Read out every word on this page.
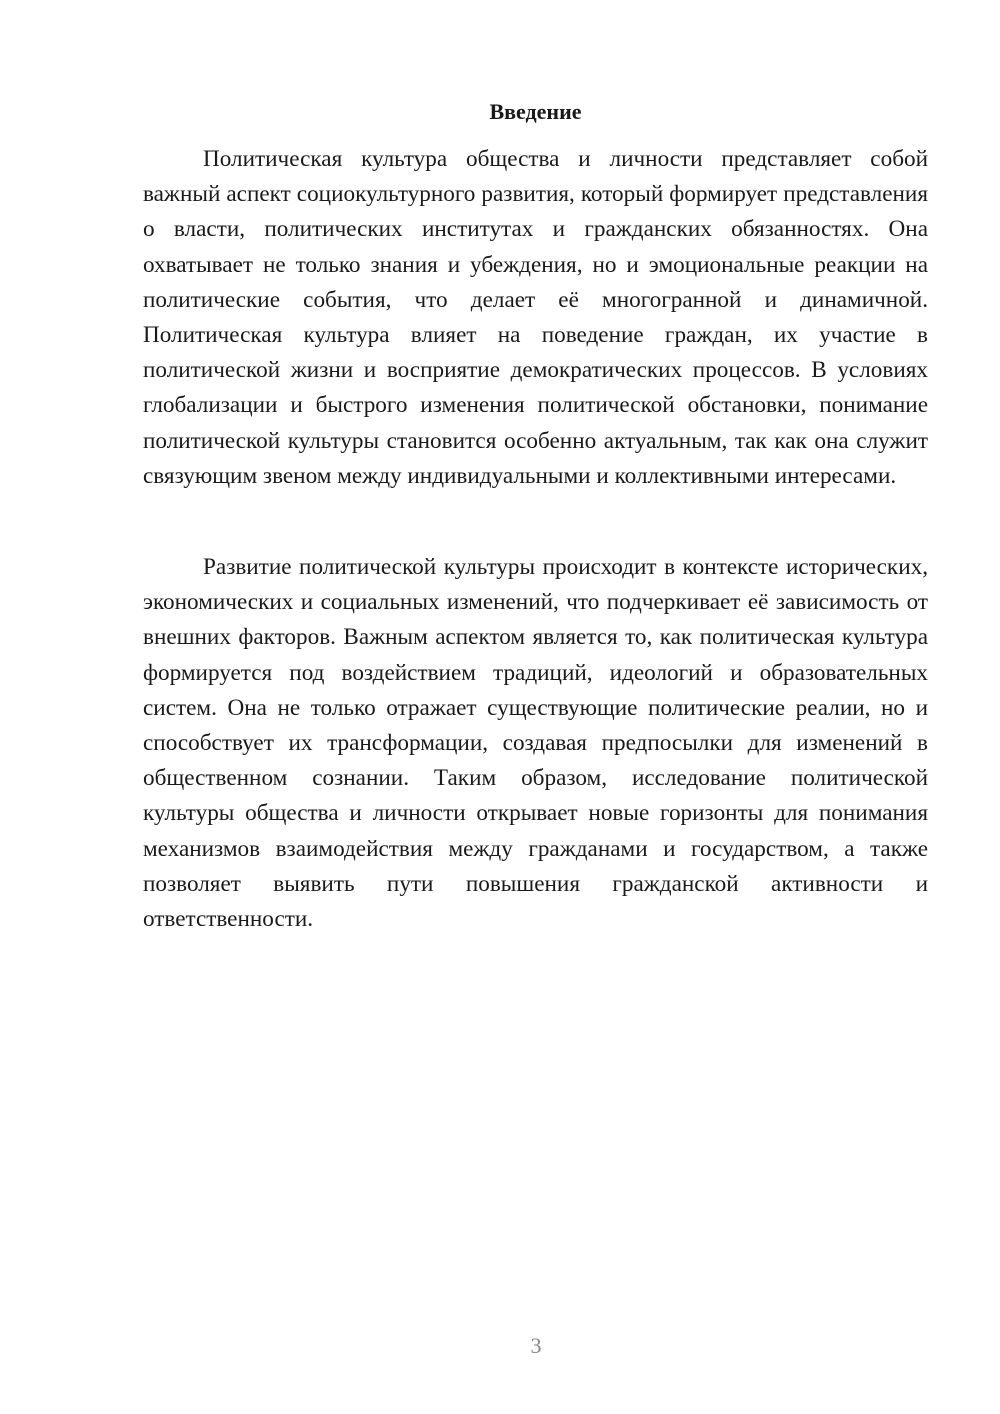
Введение

Политическая культура общества и личности представляет собой важный аспект социокультурного развития, который формирует представления о власти, политических институтах и гражданских обязанностях. Она охватывает не только знания и убеждения, но и эмоциональные реакции на политические события, что делает её многогранной и динамичной. Политическая культура влияет на поведение граждан, их участие в политической жизни и восприятие демократических процессов. В условиях глобализации и быстрого изменения политической обстановки, понимание политической культуры становится особенно актуальным, так как она служит связующим звеном между индивидуальными и коллективными интересами.

Развитие политической культуры происходит в контексте исторических, экономических и социальных изменений, что подчеркивает её зависимость от внешних факторов. Важным аспектом является то, как политическая культура формируется под воздействием традиций, идеологий и образовательных систем. Она не только отражает существующие политические реалии, но и способствует их трансформации, создавая предпосылки для изменений в общественном сознании. Таким образом, исследование политической культуры общества и личности открывает новые горизонты для понимания механизмов взаимодействия между гражданами и государством, а также позволяет выявить пути повышения гражданской активности и ответственности.

3
